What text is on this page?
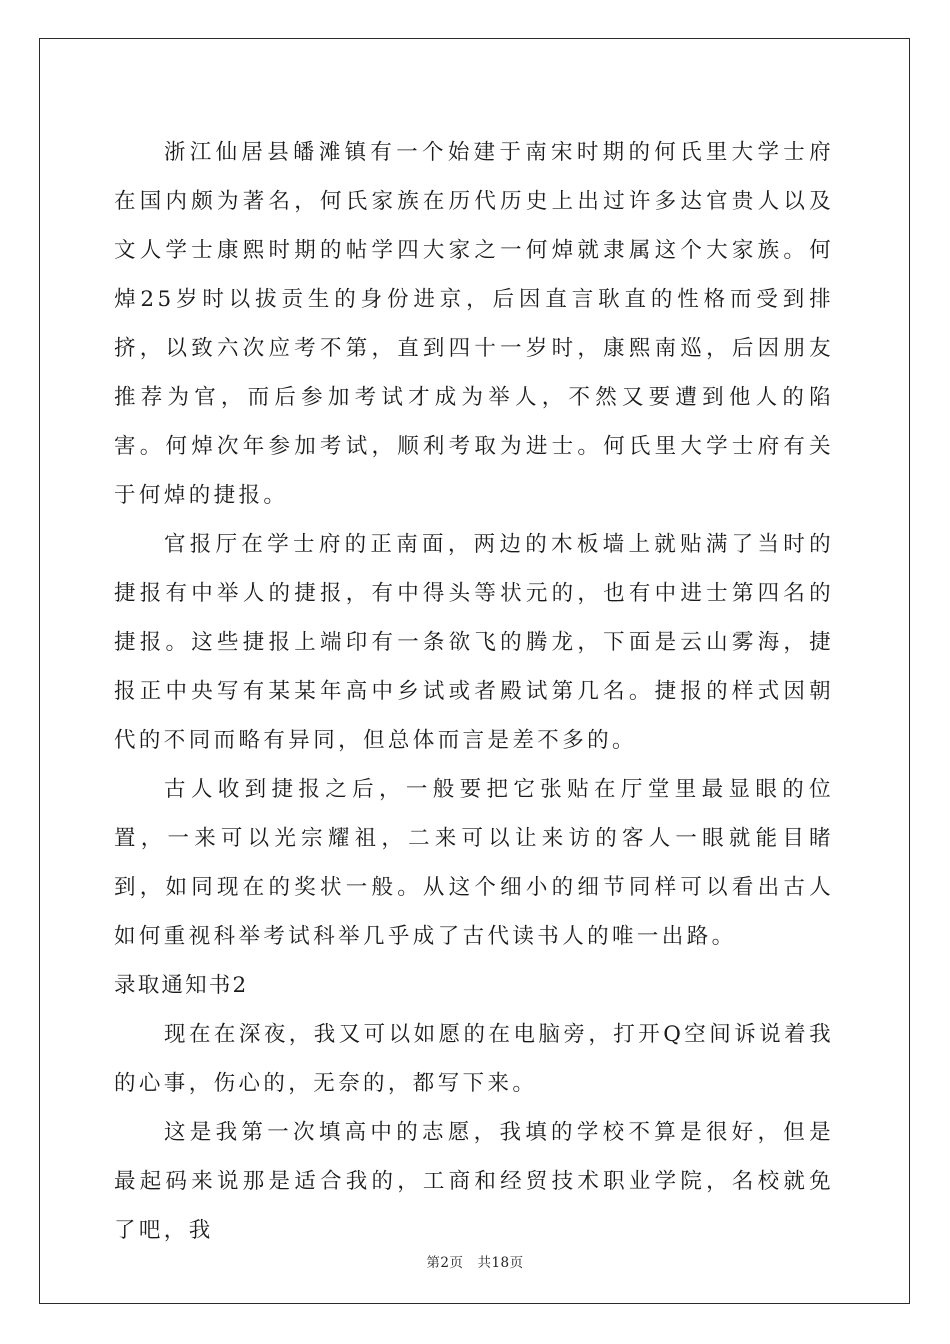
浙江仙居县皤滩镇有一个始建于南宋时期的何氏里大学士府在国内颇为著名，何氏家族在历代历史上出过许多达官贵人以及文人学士康熙时期的帖学四大家之一何焯就隶属这个大家族。何焯25岁时以拔贡生的身份进京，后因直言耿直的性格而受到排挤，以致六次应考不第，直到四十一岁时，康熙南巡，后因朋友推荐为官，而后参加考试才成为举人，不然又要遭到他人的陷害。何焯次年参加考试，顺利考取为进士。何氏里大学士府有关于何焯的捷报。

官报厅在学士府的正南面，两边的木板墙上就贴满了当时的捷报有中举人的捷报，有中得头等状元的，也有中进士第四名的捷报。这些捷报上端印有一条欲飞的腾龙，下面是云山雾海，捷报正中央写有某某年高中乡试或者殿试第几名。捷报的样式因朝代的不同而略有异同，但总体而言是差不多的。

古人收到捷报之后，一般要把它张贴在厅堂里最显眼的位置，一来可以光宗耀祖，二来可以让来访的客人一眼就能目睹到，如同现在的奖状一般。从这个细小的细节同样可以看出古人如何重视科举考试科举几乎成了古代读书人的唯一出路。

录取通知书2

现在在深夜，我又可以如愿的在电脑旁，打开Q空间诉说着我的心事，伤心的，无奈的，都写下来。

这是我第一次填高中的志愿，我填的学校不算是很好，但是最起码来说那是适合我的，工商和经贸技术职业学院，名校就免了吧，我

第2页 共18页
